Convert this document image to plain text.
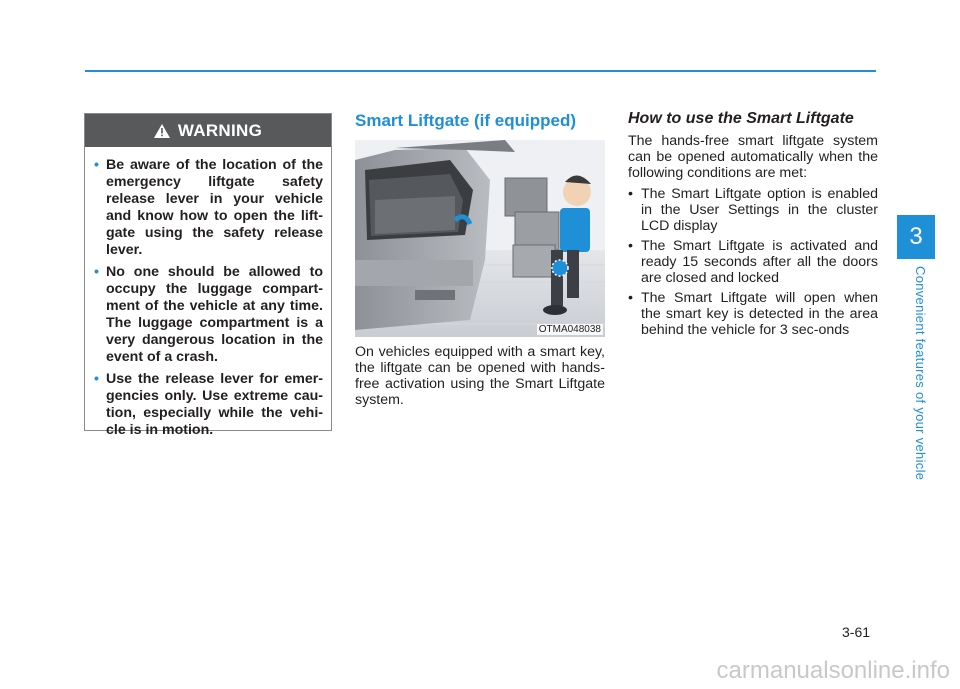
WARNING
• Be aware of the location of the emergency liftgate safety release lever in your vehicle and know how to open the lift-gate using the safety release lever.
• No one should be allowed to occupy the luggage compart-ment of the vehicle at any time. The luggage compartment is a very dangerous location in the event of a crash.
• Use the release lever for emer-gencies only. Use extreme cau-tion, especially while the vehi-cle is in motion.
Smart Liftgate (if equipped)
OTMA048038

On vehicles equipped with a smart key, the liftgate can be opened with hands-free activation using the Smart Liftgate system.

How to use the Smart Liftgate

The hands-free smart liftgate system can be opened automatically when the following conditions are met:

• The Smart Liftgate option is enabled in the User Settings in the cluster LCD display
• The Smart Liftgate is activated and ready 15 seconds after all the doors are closed and locked
• The Smart Liftgate will open when the smart key is detected in the area behind the vehicle for 3 sec-onds
3
Convenient features of your vehicle
3-61
carmanualsonline.info
